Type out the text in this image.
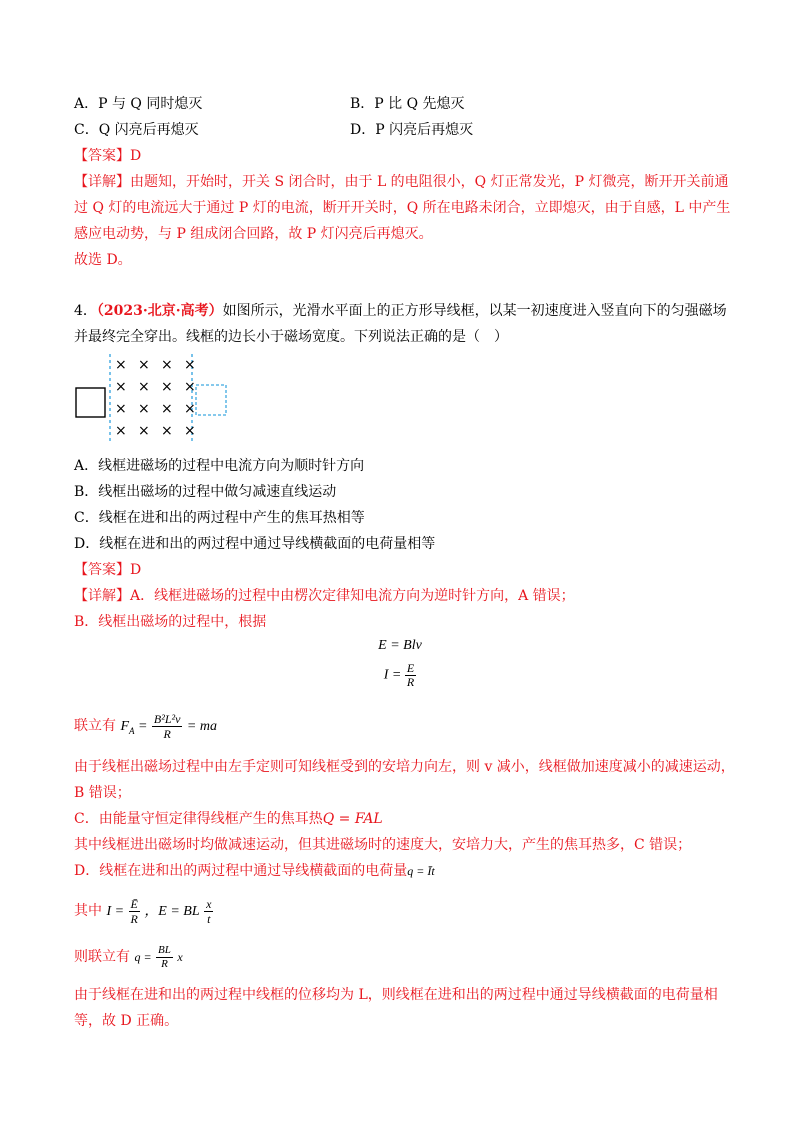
A．P 与 Q 同时熄灭	B．P 比 Q 先熄灭
C．Q 闪亮后再熄灭	D．P 闪亮后再熄灭
【答案】D
【详解】由题知，开始时，开关 S 闭合时，由于 L 的电阻很小，Q 灯正常发光，P 灯微亮，断开开关前通
过 Q 灯的电流远大于通过 P 灯的电流，断开开关时，Q 所在电路未闭合，立即熄灭，由于自感，L 中产生
感应电动势，与 P 组成闭合回路，故 P 灯闪亮后再熄灭。
故选 D。
4．（2023·北京·高考）如图所示，光滑水平面上的正方形导线框，以某一初速度进入竖直向下的匀强磁场
并最终完全穿出。线框的边长小于磁场宽度。下列说法正确的是（　）
× × × ×
× × × ×
× × × ×
× × × ×
A．线框进磁场的过程中电流方向为顺时针方向
B．线框出磁场的过程中做匀减速直线运动
C．线框在进和出的两过程中产生的焦耳热相等
D．线框在进和出的两过程中通过导线横截面的电荷量相等
【答案】D
【详解】A．线框进磁场的过程中由楞次定律知电流方向为逆时针方向，A 错误；
B．线框出磁场的过程中，根据
E = Blv
$I = \frac{E}{R}$
联立有 $F_A = \frac{\text{B²L²v}}{R}$ = ma
由于线框出磁场过程中由左手定则可知线框受到的安培力向左，则 v 减小，线框做加速度减小的减速运动，
B 错误；
C．由能量守恒定律得线框产生的焦耳热Q = FAL
其中线框进出磁场时均做减速运动，但其进磁场时的速度大，安培力大，产生的焦耳热多，C 错误；
D．线框在进和出的两过程中通过导线横截面的电荷量q = Īt
其中 $I = \frac{Ē}{R}$ ，E = BL $\frac{x}{t}$
则联立有 $q = \frac{BL}{R}$ x
由于线框在进和出的两过程中线框的位移均为 L，则线框在进和出的两过程中通过导线横截面的电荷量相
等，故 D 正确。
